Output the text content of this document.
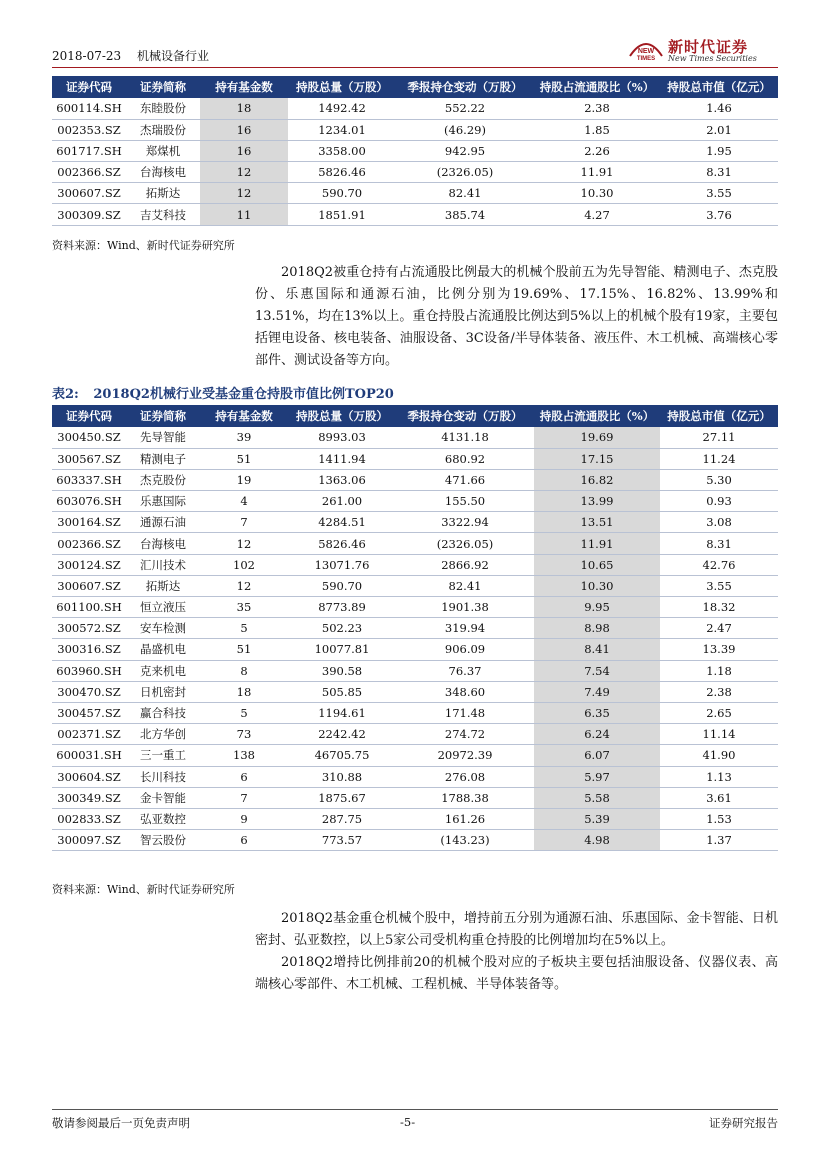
2018-07-23 机械设备行业	NEW
TIMES
新时代证券
New Times Securities
证券代码	证券简称	持有基金数	持股总量（万股）	季报持仓变动（万股）	持股占流通股比（%）	持股总市值（亿元）
600114.SH	东睦股份	18	1492.42	552.22	2.38	1.46
002353.SZ	杰瑞股份	16	1234.01	(46.29)	1.85	2.01
601717.SH	郑煤机	16	3358.00	942.95	2.26	1.95
002366.SZ	台海核电	12	5826.46	(2326.05)	11.91	8.31
300607.SZ	拓斯达	12	590.70	82.41	10.30	3.55
300309.SZ	吉艾科技	11	1851.91	385.74	4.27	3.76
资料来源：Wind、新时代证券研究所

2018Q2被重仓持有占流通股比例最大的机械个股前五为先导智能、精测电子、杰克股份、乐惠国际和通源石油，比例分别为19.69%、17.15%、16.82%、13.99%和13.51%，均在13%以上。重仓持股占流通股比例达到5%以上的机械个股有19家，主要包括锂电设备、核电装备、油服设备、3C设备/半导体装备、液压件、木工机械、高端核心零部件、测试设备等方向。

表2: 2018Q2机械行业受基金重仓持股市值比例TOP20
证券代码	证券简称	持有基金数	持股总量（万股）	季报持仓变动（万股）	持股占流通股比（%）	持股总市值（亿元）
300450.SZ	先导智能	39	8993.03	4131.18	19.69	27.11
300567.SZ	精测电子	51	1411.94	680.92	17.15	11.24
603337.SH	杰克股份	19	1363.06	471.66	16.82	5.30
603076.SH	乐惠国际	4	261.00	155.50	13.99	0.93
300164.SZ	通源石油	7	4284.51	3322.94	13.51	3.08
002366.SZ	台海核电	12	5826.46	(2326.05)	11.91	8.31
300124.SZ	汇川技术	102	13071.76	2866.92	10.65	42.76
300607.SZ	拓斯达	12	590.70	82.41	10.30	3.55
601100.SH	恒立液压	35	8773.89	1901.38	9.95	18.32
300572.SZ	安车检测	5	502.23	319.94	8.98	2.47
300316.SZ	晶盛机电	51	10077.81	906.09	8.41	13.39
603960.SH	克来机电	8	390.58	76.37	7.54	1.18
300470.SZ	日机密封	18	505.85	348.60	7.49	2.38
300457.SZ	赢合科技	5	1194.61	171.48	6.35	2.65
002371.SZ	北方华创	73	2242.42	274.72	6.24	11.14
600031.SH	三一重工	138	46705.75	20972.39	6.07	41.90
300604.SZ	长川科技	6	310.88	276.08	5.97	1.13
300349.SZ	金卡智能	7	1875.67	1788.38	5.58	3.61
002833.SZ	弘亚数控	9	287.75	161.26	5.39	1.53
300097.SZ	智云股份	6	773.57	(143.23)	4.98	1.37
资料来源：Wind、新时代证券研究所

2018Q2基金重仓机械个股中，增持前五分别为通源石油、乐惠国际、金卡智能、日机密封、弘亚数控，以上5家公司受机构重仓持股的比例增加均在5%以上。

2018Q2增持比例排前20的机械个股对应的子板块主要包括油服设备、仪器仪表、高端核心零部件、木工机械、工程机械、半导体装备等。

敬请参阅最后一页免责声明	-5-	证券研究报告
